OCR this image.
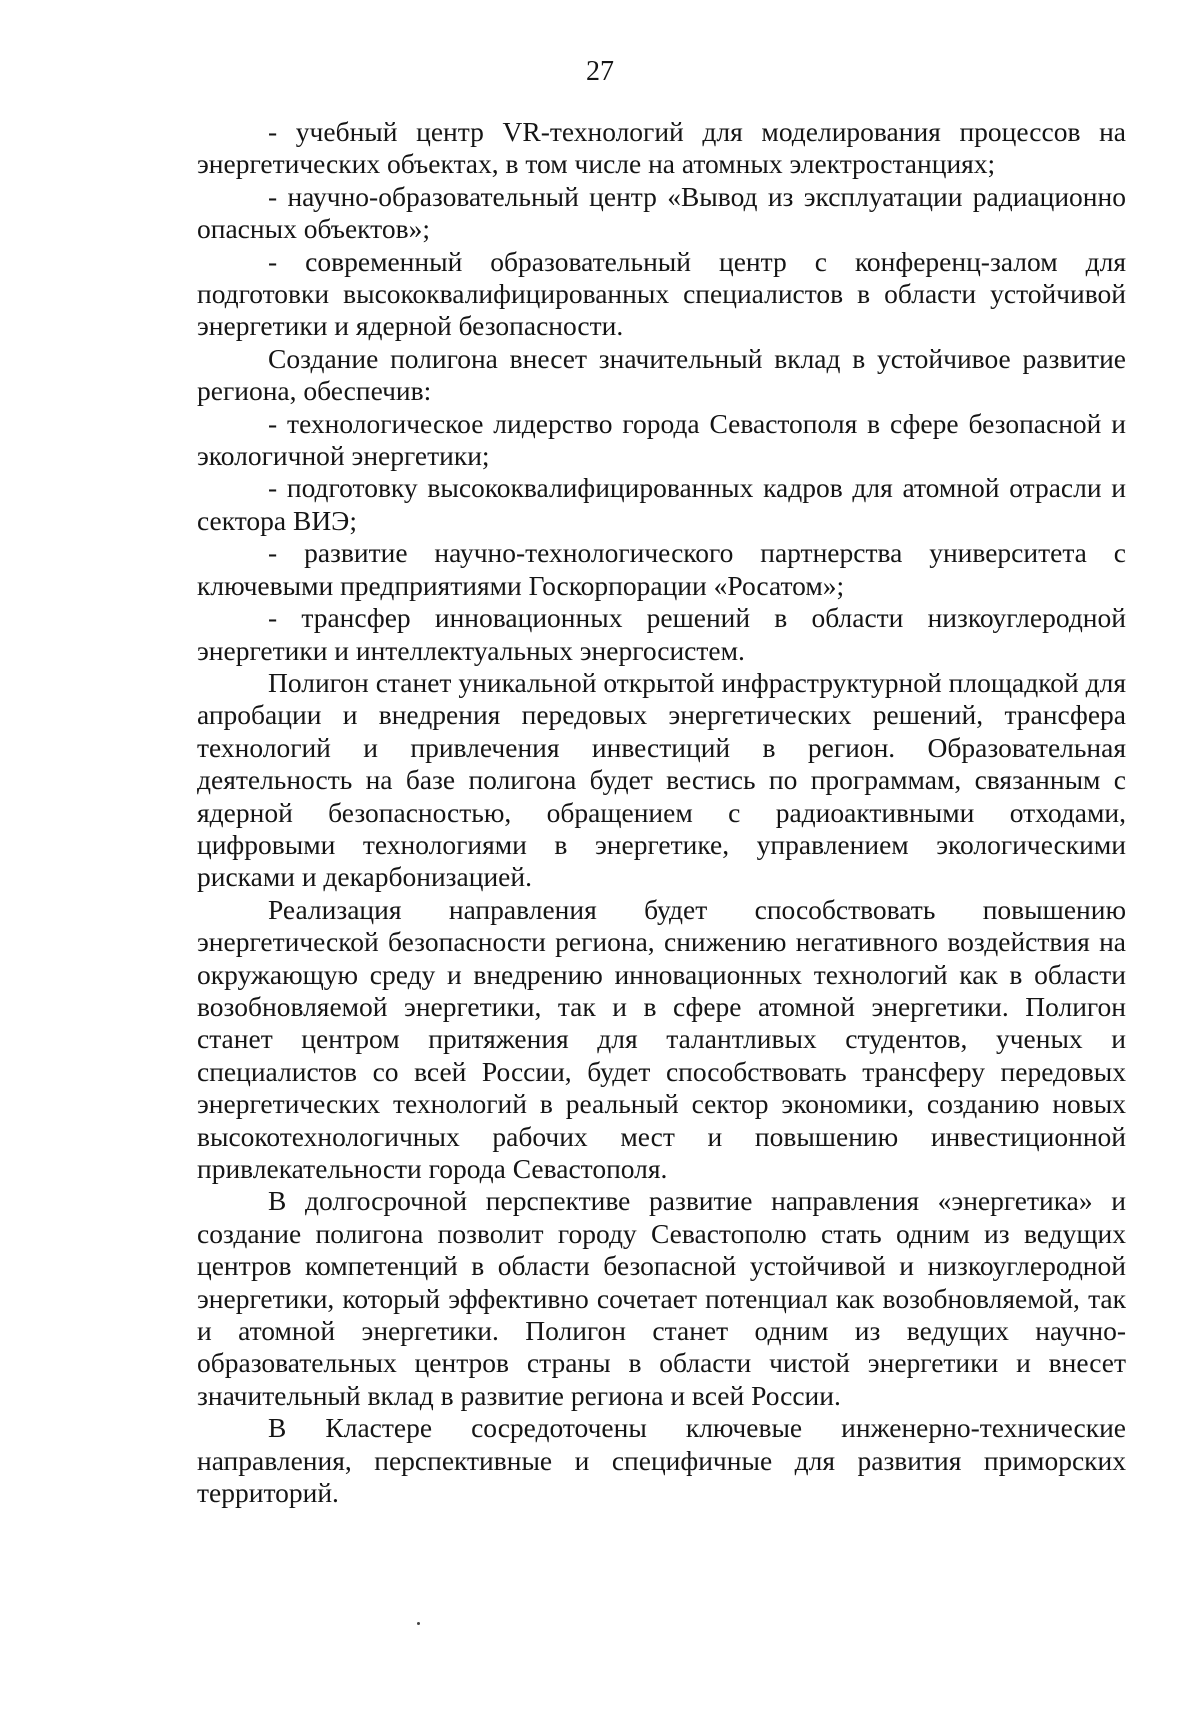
27

- учебный центр VR-технологий для моделирования процессов на энергетических объектах, в том числе на атомных электростанциях;

- научно-образовательный центр «Вывод из эксплуатации радиационно опасных объектов»;

- современный образовательный центр с конференц-залом для подготовки высококвалифицированных специалистов в области устойчивой энергетики и ядерной безопасности.

Создание полигона внесет значительный вклад в устойчивое развитие региона, обеспечив:

- технологическое лидерство города Севастополя в сфере безопасной и экологичной энергетики;

- подготовку высококвалифицированных кадров для атомной отрасли и сектора ВИЭ;

- развитие научно-технологического партнерства университета с ключевыми предприятиями Госкорпорации «Росатом»;

- трансфер инновационных решений в области низкоуглеродной энергетики и интеллектуальных энергосистем.

Полигон станет уникальной открытой инфраструктурной площадкой для апробации и внедрения передовых энергетических решений, трансфера технологий и привлечения инвестиций в регион. Образовательная деятельность на базе полигона будет вестись по программам, связанным с ядерной безопасностью, обращением с радиоактивными отходами, цифровыми технологиями в энергетике, управлением экологическими рисками и декарбонизацией.

Реализация направления будет способствовать повышению энергетической безопасности региона, снижению негативного воздействия на окружающую среду и внедрению инновационных технологий как в области возобновляемой энергетики, так и в сфере атомной энергетики. Полигон станет центром притяжения для талантливых студентов, ученых и специалистов со всей России, будет способствовать трансферу передовых энергетических технологий в реальный сектор экономики, созданию новых высокотехнологичных рабочих мест и повышению инвестиционной привлекательности города Севастополя.

В долгосрочной перспективе развитие направления «энергетика» и создание полигона позволит городу Севастополю стать одним из ведущих центров компетенций в области безопасной устойчивой и низкоуглеродной энергетики, который эффективно сочетает потенциал как возобновляемой, так и атомной энергетики. Полигон станет одним из ведущих научно-образовательных центров страны в области чистой энергетики и внесет значительный вклад в развитие региона и всей России.

В Кластере сосредоточены ключевые инженерно-технические направления, перспективные и специфичные для развития приморских территорий.
